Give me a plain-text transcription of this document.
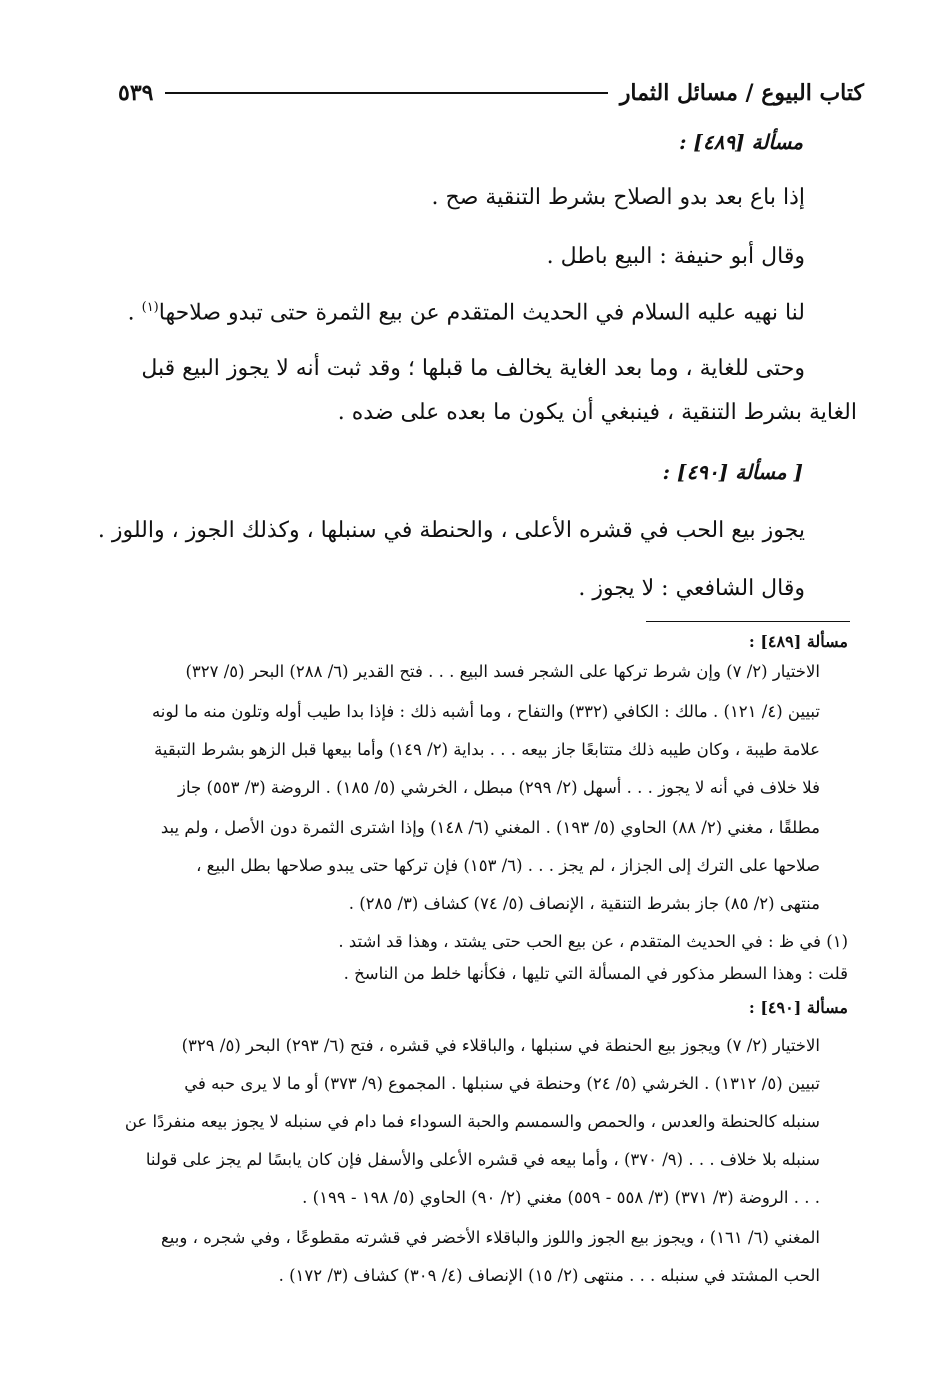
كتاب البيوع / مسائل الثمار
٥٣٩
مسألة [٤٨٩] :
إذا باع بعد بدو الصلاح بشرط التنقية صح .
وقال أبو حنيفة : البيع باطل .
لنا نهيه عليه السلام في الحديث المتقدم عن بيع الثمرة حتى تبدو صلاحها$^{(١)}$ .
وحتى للغاية ، وما بعد الغاية يخالف ما قبلها ؛ وقد ثبت أنه لا يجوز البيع قبل
الغاية بشرط التنقية ، فينبغي أن يكون ما بعده على ضده .
[ مسألة [٤٩٠] :
يجوز بيع الحب في قشره الأعلى ، والحنطة في سنبلها ، وكذلك الجوز ، واللوز .
وقال الشافعي : لا يجوز .
مسألة [٤٨٩] :
الاختيار (٢/ ٧) وإن شرط تركها على الشجر فسد البيع . . . فتح القدير (٦/ ٢٨٨) البحر (٥/ ٣٢٧)
تبيين (٤/ ١٢١) . مالك : الكافي (٣٣٢) والتفاح ، وما أشبه ذلك : فإذا بدا طيب أوله وتلون منه ما لونه
علامة طيبة ، وكان طيبه ذلك متتابعًا جاز بيعه . . . بداية (٢/ ١٤٩) وأما بيعها قبل الزهو بشرط التبقية
فلا خلاف في أنه لا يجوز . . . أسهل (٢/ ٢٩٩) مبطل ، الخرشي (٥/ ١٨٥) . الروضة (٣/ ٥٥٣) جاز
مطلقًا ، مغني (٢/ ٨٨) الحاوي (٥/ ١٩٣) . المغني (٦/ ١٤٨) وإذا اشترى الثمرة دون الأصل ، ولم يبد
صلاحها على الترك إلى الجزاز ، لم يجز . . . (٦/ ١٥٣) فإن تركها حتى يبدو صلاحها بطل البيع ،
منتهى (٢/ ٨٥) جاز بشرط التنقية ، الإنصاف (٥/ ٧٤) كشاف (٣/ ٢٨٥) .
(١) في ظ : في الحديث المتقدم ، عن بيع الحب حتى يشتد ، وهذا قد اشتد .
قلت : وهذا السطر مذكور في المسألة التي تليها ، فكأنها خلط من الناسخ .
مسألة [٤٩٠] :
الاختيار (٢/ ٧) ويجوز بيع الحنطة في سنبلها ، والباقلاء في قشره ، فتح (٦/ ٢٩٣) البحر (٥/ ٣٢٩)
تبيين (٥/ ١٣١٢) . الخرشي (٥/ ٢٤) وحنطة في سنبلها . المجموع (٩/ ٣٧٣) أو ما لا يرى حبه في
سنبله كالحنطة والعدس ، والحمص والسمسم والحبة السوداء فما دام في سنبله لا يجوز بيعه منفردًا عن
سنبله بلا خلاف . . . (٩/ ٣٧٠) ، وأما بيعه في قشره الأعلى والأسفل فإن كان يابسًا لم يجز على قولنا
. . . الروضة (٣/ ٣٧١) (٣/ ٥٥٨ - ٥٥٩) مغني (٢/ ٩٠) الحاوي (٥/ ١٩٨ - ١٩٩) .
المغني (٦/ ١٦١) ، ويجوز بيع الجوز واللوز والباقلاء الأخضر في قشرته مقطوعًا ، وفي شجره ، وبيع
الحب المشتد في سنبله . . . منتهى (٢/ ١٥) الإنصاف (٤/ ٣٠٩) كشاف (٣/ ١٧٢) .
